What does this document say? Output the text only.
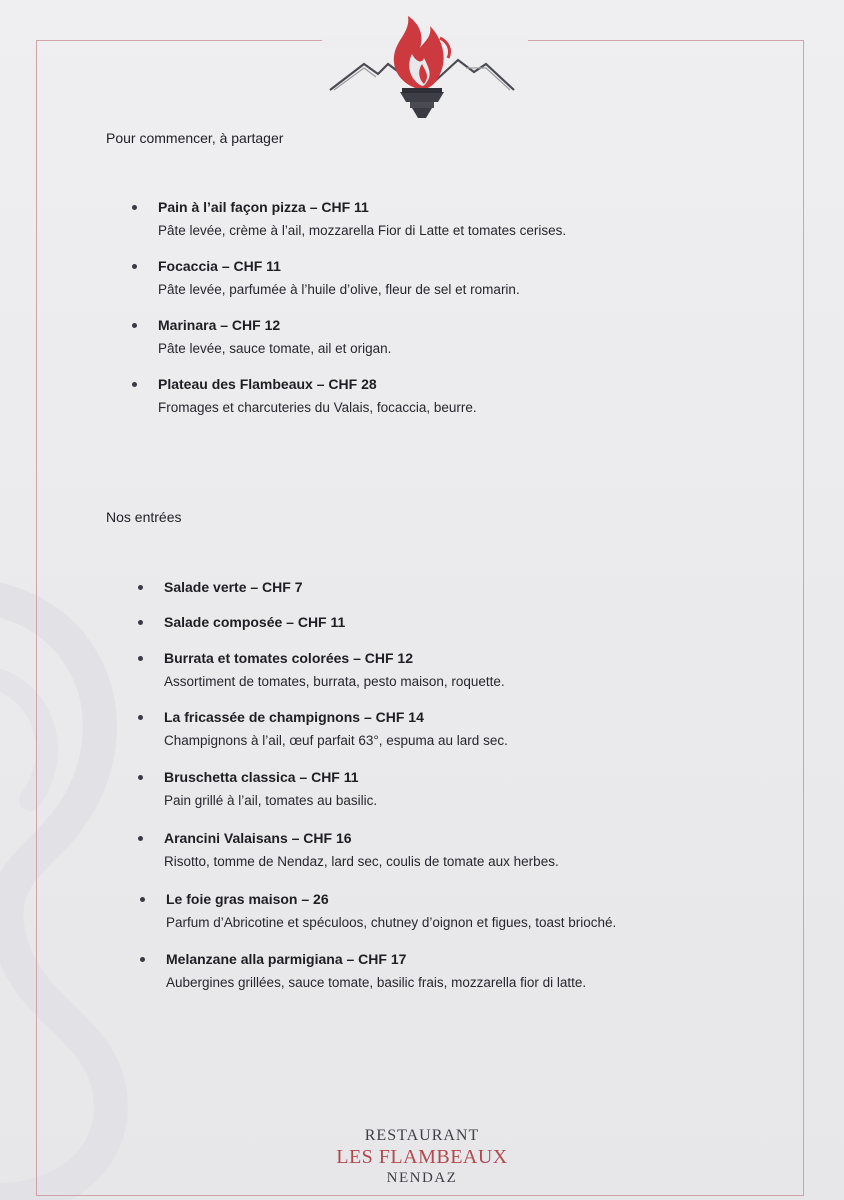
Pour commencer, à partager
Pain à l’ail façon pizza – CHF 11
Pâte levée, crème à l’ail, mozzarella Fior di Latte et tomates cerises.
Focaccia – CHF 11
Pâte levée, parfumée à l’huile d’olive, fleur de sel et romarin.
Marinara – CHF 12
Pâte levée, sauce tomate, ail et origan.
Plateau des Flambeaux – CHF 28
Fromages et charcuteries du Valais, focaccia, beurre.
Nos entrées
Salade verte – CHF 7
Salade composée – CHF 11
Burrata et tomates colorées – CHF 12
Assortiment de tomates, burrata, pesto maison, roquette.
La fricassée de champignons – CHF 14
Champignons à l’ail, œuf parfait 63°, espuma au lard sec.
Bruschetta classica – CHF 11
Pain grillé à l’ail, tomates au basilic.
Arancini Valaisans – CHF 16
Risotto, tomme de Nendaz, lard sec, coulis de tomate aux herbes.
Le foie gras maison – 26
Parfum d’Abricotine et spéculoos, chutney d’oignon et figues, toast brioché.
Melanzane alla parmigiana – CHF 17
Aubergines grillées, sauce tomate, basilic frais, mozzarella fior di latte.
RESTAURANT
LES FLAMBEAUX
NENDAZ
